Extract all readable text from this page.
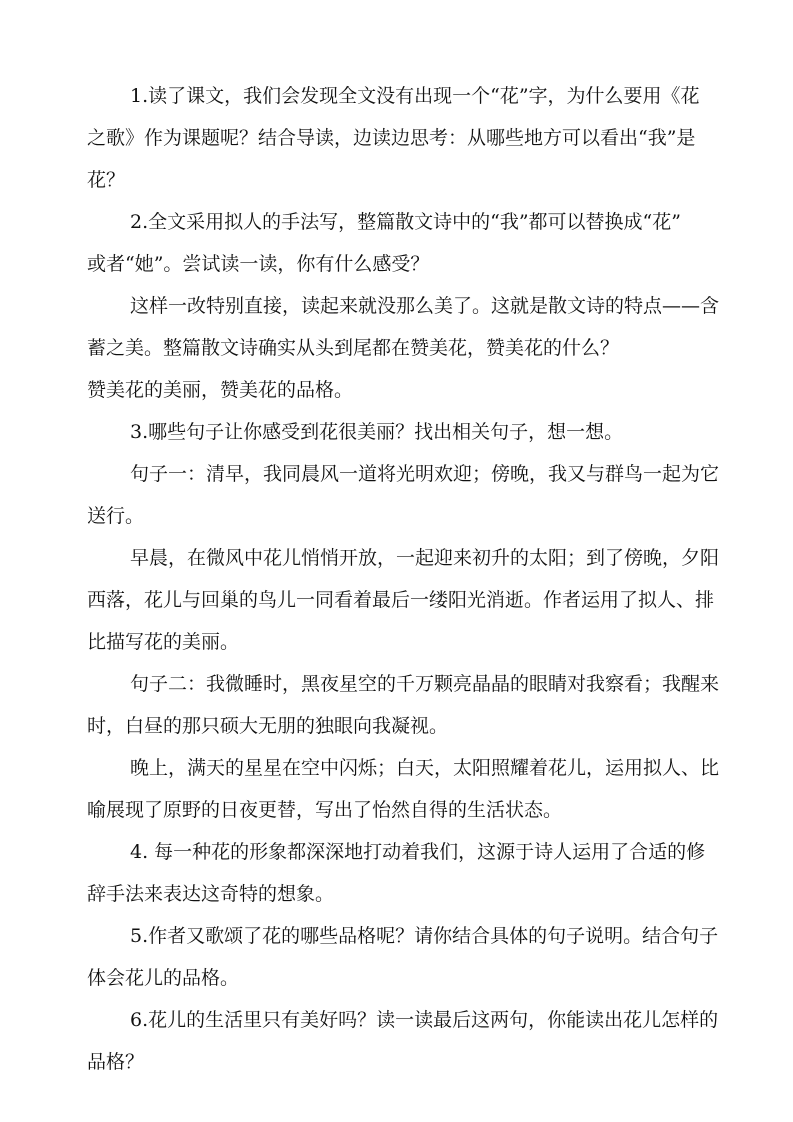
1.读了课文，我们会发现全文没有出现一个“花”字，为什么要用《花
之歌》作为课题呢？结合导读，边读边思考：从哪些地方可以看出“我”是
花？
2.全文采用拟人的手法写，整篇散文诗中的“我”都可以替换成“花”
或者“她”。尝试读一读，你有什么感受？
这样一改特别直接，读起来就没那么美了。这就是散文诗的特点——含
蓄之美。整篇散文诗确实从头到尾都在赞美花，赞美花的什么？
赞美花的美丽，赞美花的品格。
3.哪些句子让你感受到花很美丽？找出相关句子，想一想。
句子一：清早，我同晨风一道将光明欢迎；傍晚，我又与群鸟一起为它
送行。
早晨，在微风中花儿悄悄开放，一起迎来初升的太阳；到了傍晚，夕阳
西落，花儿与回巢的鸟儿一同看着最后一缕阳光消逝。作者运用了拟人、排
比描写花的美丽。
句子二：我微睡时，黑夜星空的千万颗亮晶晶的眼睛对我察看；我醒来
时，白昼的那只硕大无朋的独眼向我凝视。
晚上，满天的星星在空中闪烁；白天，太阳照耀着花儿，运用拟人、比
喻展现了原野的日夜更替，写出了怡然自得的生活状态。
4. 每一种花的形象都深深地打动着我们，这源于诗人运用了合适的修
辞手法来表达这奇特的想象。
5.作者又歌颂了花的哪些品格呢？请你结合具体的句子说明。结合句子
体会花儿的品格。
6.花儿的生活里只有美好吗？读一读最后这两句，你能读出花儿怎样的
品格？
